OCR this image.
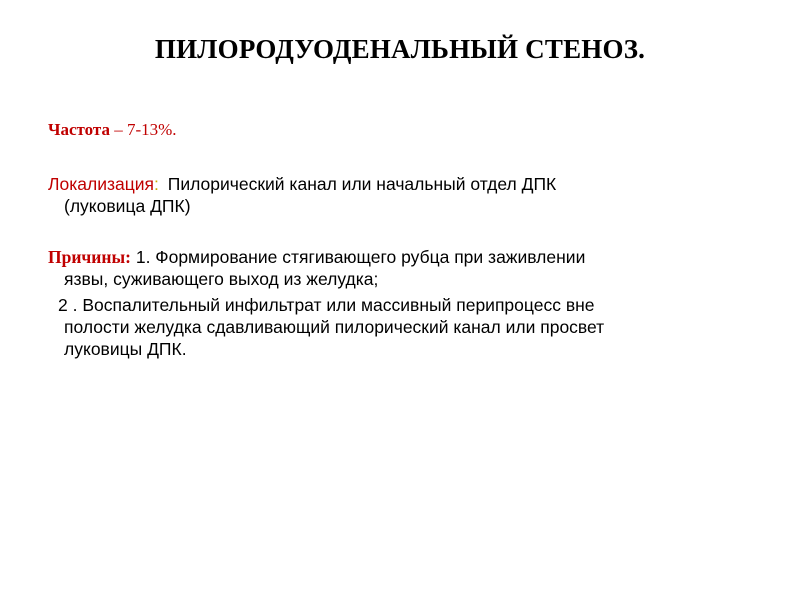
ПИЛОРОДУОДЕНАЛЬНЫЙ СТЕНОЗ.
Частота – 7-13%.
Локализация: Пилорический канал или начальный отдел ДПК
(луковица ДПК)
Причины: 1. Формирование стягивающего рубца при заживлении
язвы, суживающего выход из желудка;
2 . Воспалительный инфильтрат или массивный перипроцесс вне
полости желудка сдавливающий пилорический канал или просвет
луковицы ДПК.
